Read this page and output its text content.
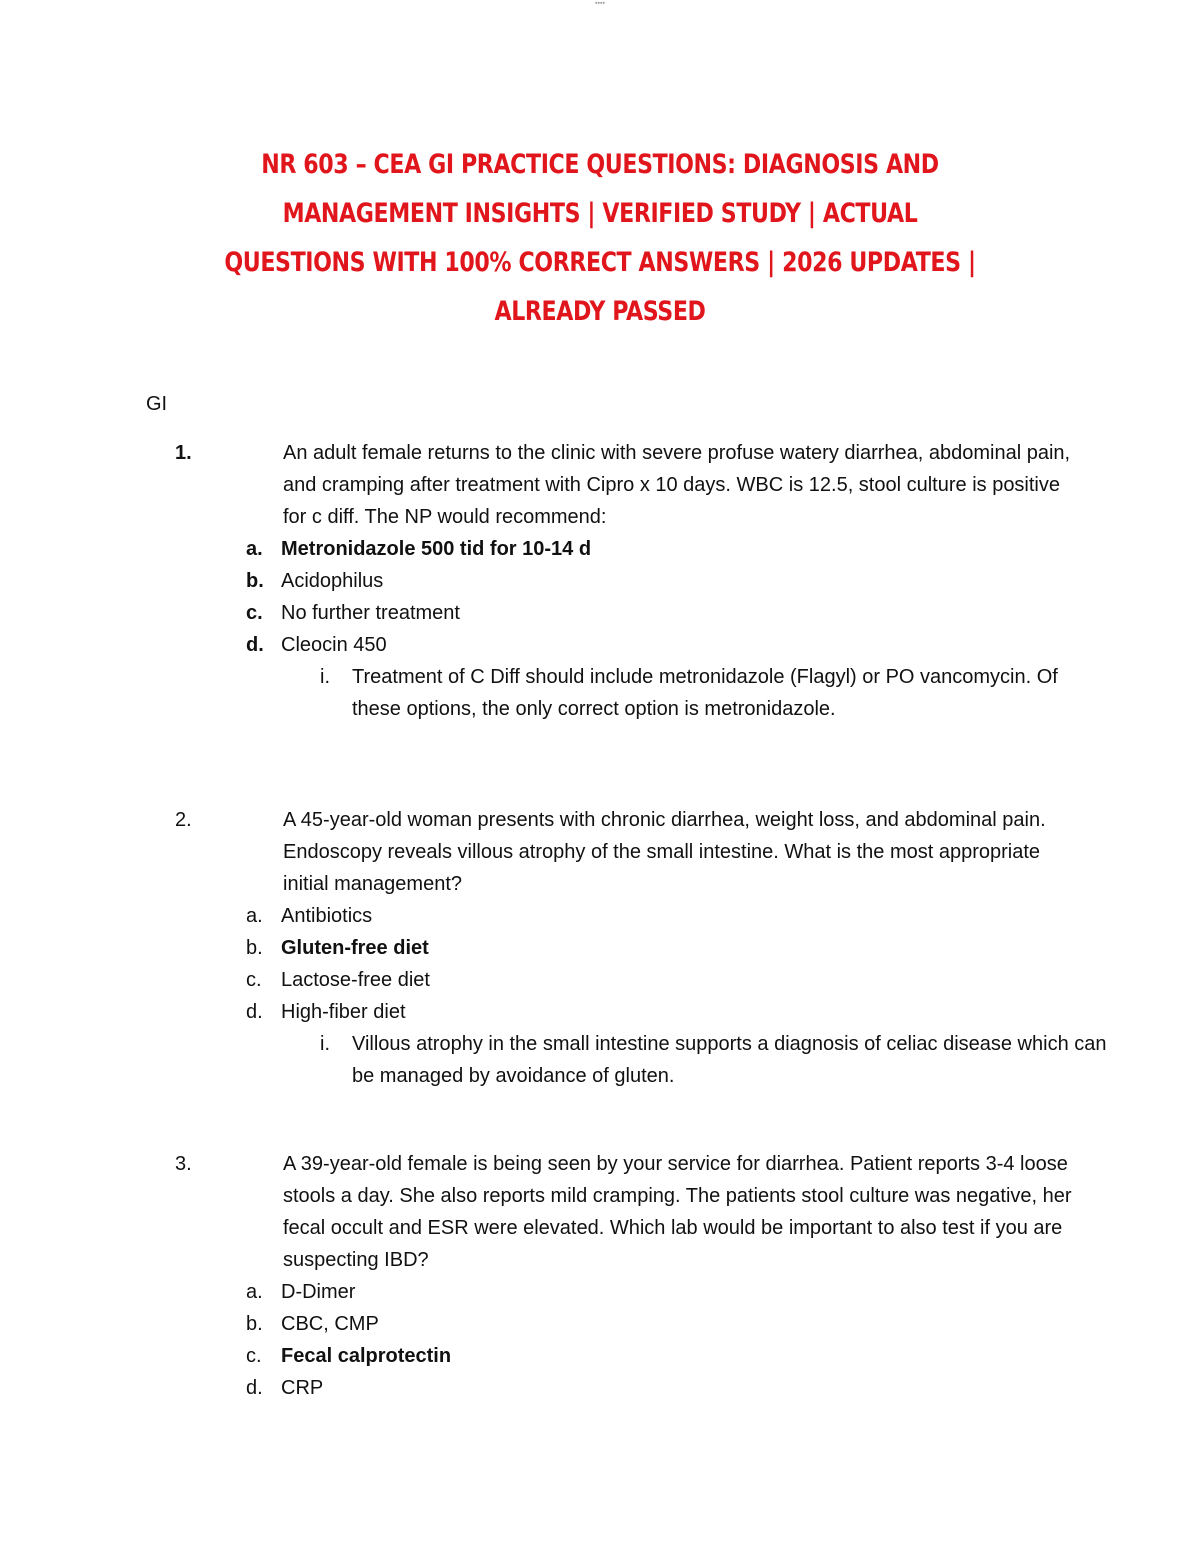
▪▪▪▪
NR 603 – CEA GI PRACTICE QUESTIONS: DIAGNOSIS AND MANAGEMENT INSIGHTS | VERIFIED STUDY | ACTUAL QUESTIONS WITH 100% CORRECT ANSWERS | 2026 UPDATES | ALREADY PASSED
GI
1.	An adult female returns to the clinic with severe profuse watery diarrhea, abdominal pain, and cramping after treatment with Cipro x 10 days. WBC is 12.5, stool culture is positive for c diff. The NP would recommend:
a. Metronidazole 500 tid for 10-14 d
b. Acidophilus
c. No further treatment
d. Cleocin 450
i. Treatment of C Diff should include metronidazole (Flagyl) or PO vancomycin. Of these options, the only correct option is metronidazole.
2.	A 45-year-old woman presents with chronic diarrhea, weight loss, and abdominal pain. Endoscopy reveals villous atrophy of the small intestine. What is the most appropriate initial management?
a. Antibiotics
b. Gluten-free diet
c. Lactose-free diet
d. High-fiber diet
i. Villous atrophy in the small intestine supports a diagnosis of celiac disease which can be managed by avoidance of gluten.
3.	A 39-year-old female is being seen by your service for diarrhea. Patient reports 3-4 loose stools a day. She also reports mild cramping. The patients stool culture was negative, her fecal occult and ESR were elevated. Which lab would be important to also test if you are suspecting IBD?
a. D-Dimer
b. CBC, CMP
c. Fecal calprotectin
d. CRP
